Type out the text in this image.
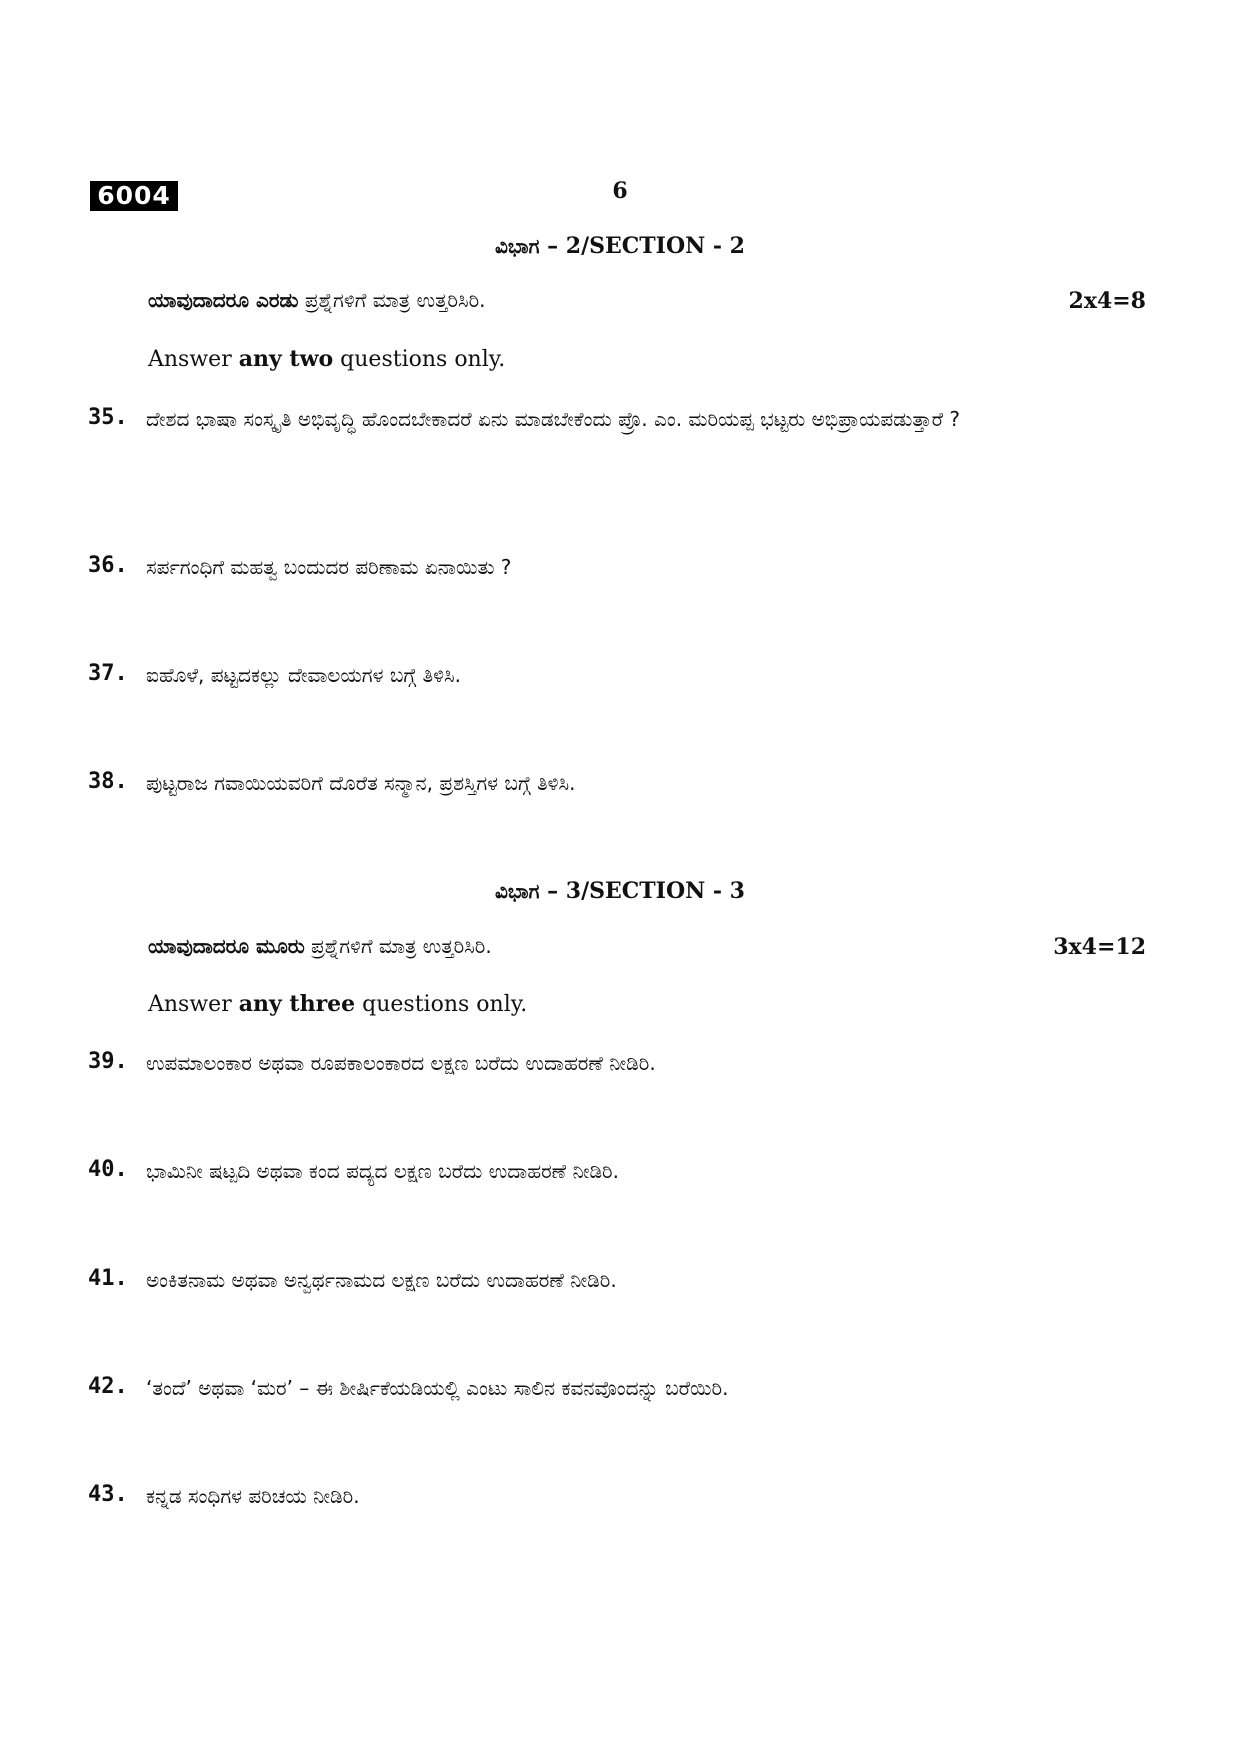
6004	6
ವಿಭಾಗ – 2/SECTION - 2
ಯಾವುದಾದರೂ ಎರಡು ಪ್ರಶ್ನೆಗಳಿಗೆ ಮಾತ್ರ ಉತ್ತರಿಸಿರಿ.	2x4=8
Answer any two questions only.
35. ದೇಶದ ಭಾಷಾ ಸಂಸ್ಕೃತಿ ಅಭಿವೃದ್ಧಿ ಹೊಂದಬೇಕಾದರೆ ಏನು ಮಾಡಬೇಕೆಂದು ಪ್ರೊ. ಎಂ. ಮರಿಯಪ್ಪ ಭಟ್ಟರು ಅಭಿಪ್ರಾಯಪಡುತ್ತಾರೆ ?
36. ಸರ್ಪಗಂಧಿಗೆ ಮಹತ್ವ ಬಂದುದರ ಪರಿಣಾಮ ಏನಾಯಿತು ?
37. ಐಹೊಳೆ, ಪಟ್ಟದಕಲ್ಲು ದೇವಾಲಯಗಳ ಬಗ್ಗೆ ತಿಳಿಸಿ.
38. ಪುಟ್ಟರಾಜ ಗವಾಯಿಯವರಿಗೆ ದೊರೆತ ಸನ್ಮಾನ, ಪ್ರಶಸ್ತಿಗಳ ಬಗ್ಗೆ ತಿಳಿಸಿ.
ವಿಭಾಗ – 3/SECTION - 3
ಯಾವುದಾದರೂ ಮೂರು ಪ್ರಶ್ನೆಗಳಿಗೆ ಮಾತ್ರ ಉತ್ತರಿಸಿರಿ.	3x4=12
Answer any three questions only.
39. ಉಪಮಾಲಂಕಾರ ಅಥವಾ ರೂಪಕಾಲಂಕಾರದ ಲಕ್ಷಣ ಬರೆದು ಉದಾಹರಣೆ ನೀಡಿರಿ.
40. ಭಾಮಿನೀ ಷಟ್ಪದಿ ಅಥವಾ ಕಂದ ಪದ್ಯದ ಲಕ್ಷಣ ಬರೆದು ಉದಾಹರಣೆ ನೀಡಿರಿ.
41. ಅಂಕಿತನಾಮ ಅಥವಾ ಅನ್ವರ್ಥನಾಮದ ಲಕ್ಷಣ ಬರೆದು ಉದಾಹರಣೆ ನೀಡಿರಿ.
42. ‘ತಂದೆ’ ಅಥವಾ ‘ಮರ’ – ಈ ಶೀರ್ಷಿಕೆಯಡಿಯಲ್ಲಿ ಎಂಟು ಸಾಲಿನ ಕವನವೊಂದನ್ನು ಬರೆಯಿರಿ.
43. ಕನ್ನಡ ಸಂಧಿಗಳ ಪರಿಚಯ ನೀಡಿರಿ.
